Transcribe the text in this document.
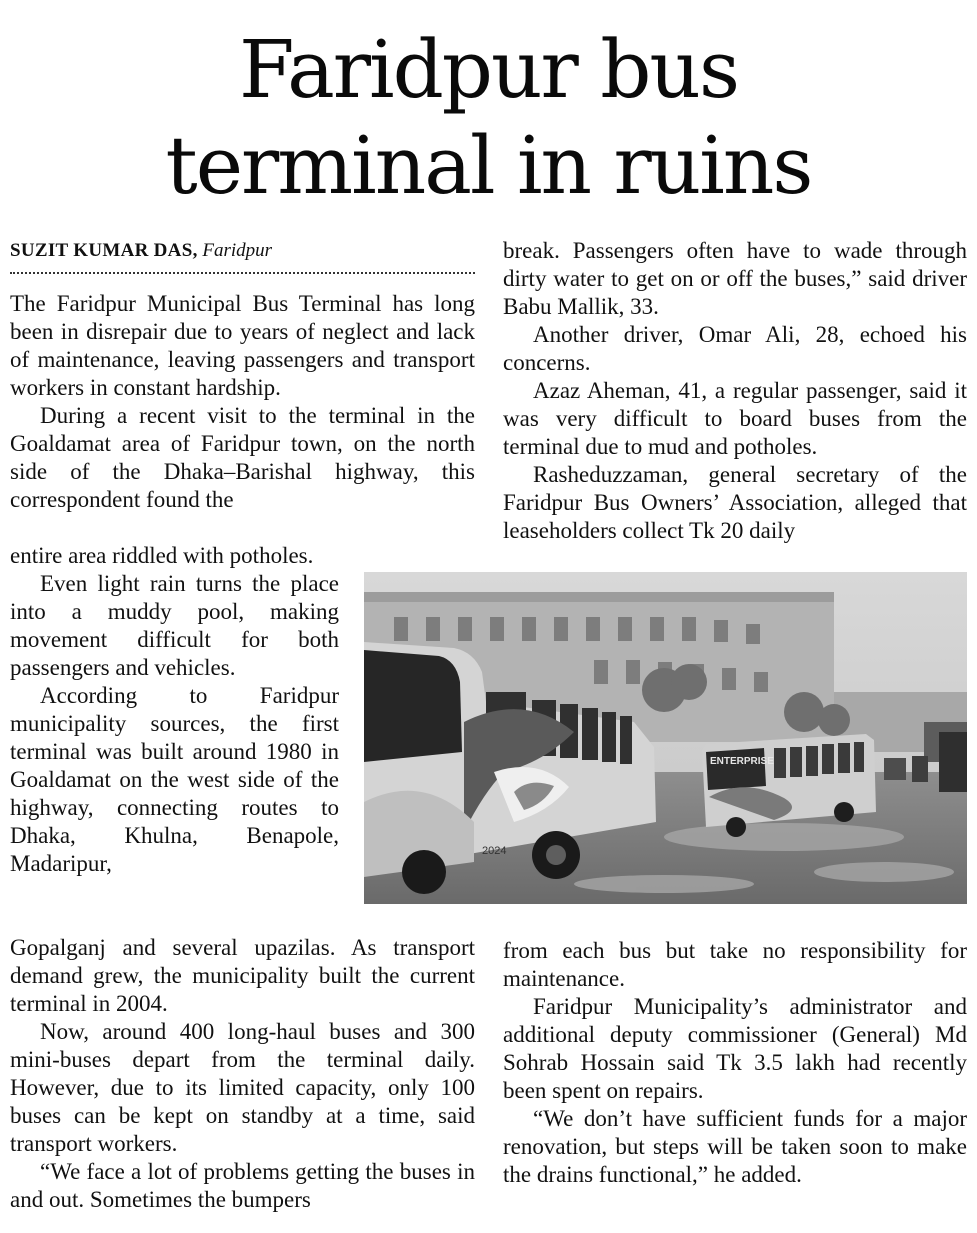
Faridpur bus
terminal in ruins
SUZIT KUMAR DAS, Faridpur

The Faridpur Municipal Bus Terminal has long been in disrepair due to years of neglect and lack of maintenance, leaving passengers and transport workers in constant hardship.

During a recent visit to the terminal in the Goaldamat area of Faridpur town, on the north side of the Dhaka–Barishal highway, this correspondent found the

entire area riddled with potholes.

Even light rain turns the place into a muddy pool, making movement difficult for both passengers and vehicles.

According to Faridpur municipality sources, the first terminal was built around 1980 in Goaldamat on the west side of the highway, connecting routes to Dhaka, Khulna, Benapole, Madaripur,

Gopalganj and several upazilas. As transport demand grew, the municipality built the current terminal in 2004.

Now, around 400 long-haul buses and 300 mini-buses depart from the terminal daily. However, due to its limited capacity, only 100 buses can be kept on standby at a time, said transport workers.

“We face a lot of problems getting the buses in and out. Sometimes the bumpers

break. Passengers often have to wade through dirty water to get on or off the buses,” said driver Babu Mallik, 33.

Another driver, Omar Ali, 28, echoed his concerns.

Azaz Aheman, 41, a regular passenger, said it was very difficult to board buses from the terminal due to mud and potholes.

Rasheduzzaman, general secretary of the Faridpur Bus Owners’ Association, alleged that leaseholders collect Tk 20 daily

ENTERPRISE
2024

from each bus but take no responsibility for maintenance.

Faridpur Municipality’s administrator and additional deputy commissioner (General) Md Sohrab Hossain said Tk 3.5 lakh had recently been spent on repairs.

“We don’t have sufficient funds for a major renovation, but steps will be taken soon to make the drains functional,” he added.
